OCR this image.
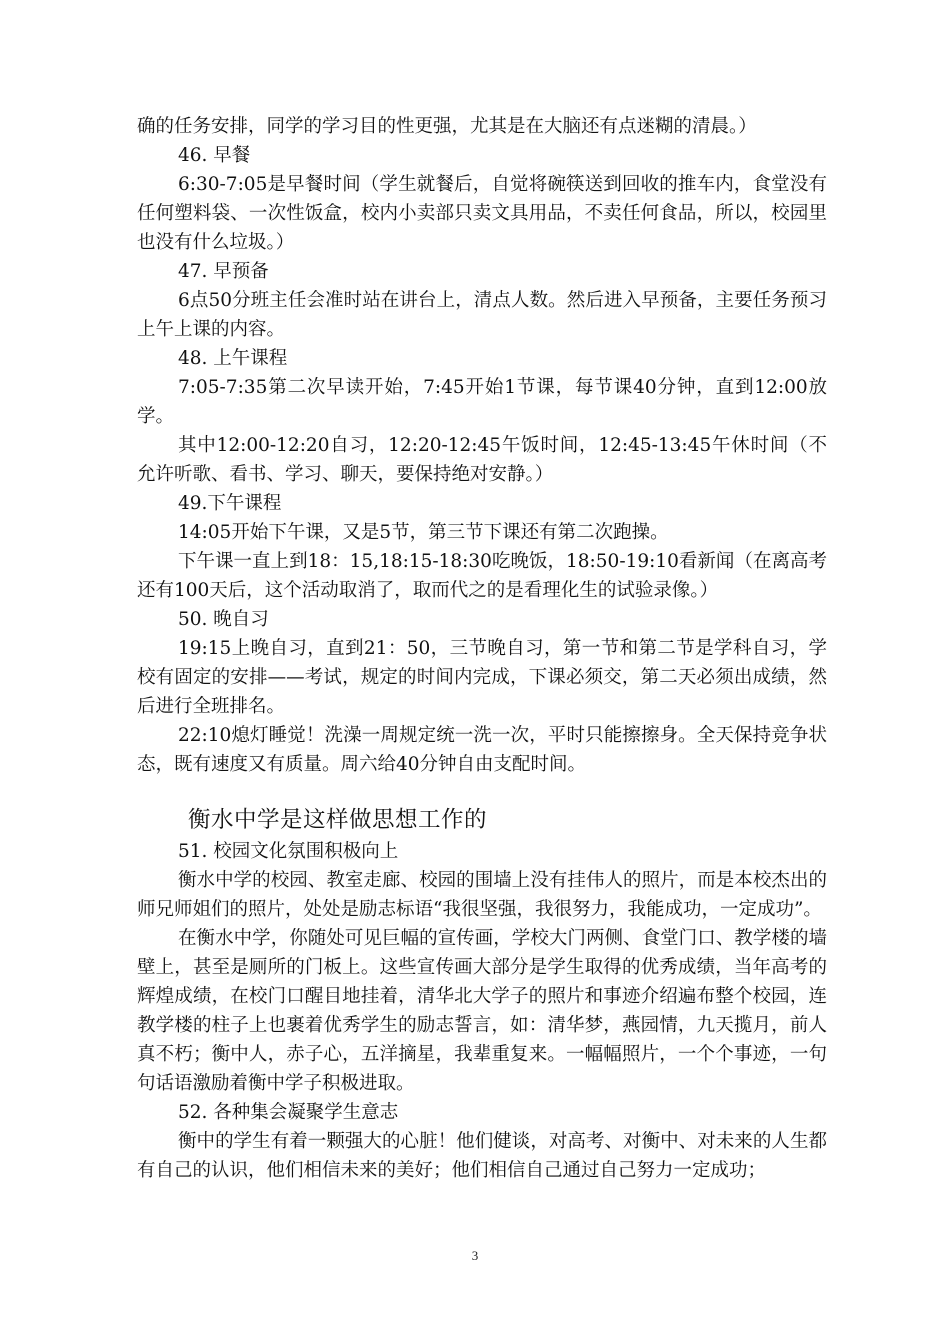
确的任务安排，同学的学习目的性更强，尤其是在大脑还有点迷糊的清晨。）

46. 早餐

6:30-7:05是早餐时间（学生就餐后，自觉将碗筷送到回收的推车内，食堂没有任何塑料袋、一次性饭盒，校内小卖部只卖文具用品，不卖任何食品，所以，校园里也没有什么垃圾。）

47. 早预备

6点50分班主任会准时站在讲台上，清点人数。然后进入早预备，主要任务预习上午上课的内容。

48. 上午课程

7:05-7:35第二次早读开始，7:45开始1节课，每节课40分钟，直到12:00放学。

其中12:00-12:20自习，12:20-12:45午饭时间，12:45-13:45午休时间（不允许听歌、看书、学习、聊天，要保持绝对安静。）

49.下午课程

14:05开始下午课，又是5节，第三节下课还有第二次跑操。

下午课一直上到18：15,18:15-18:30吃晚饭，18:50-19:10看新闻（在离高考还有100天后，这个活动取消了，取而代之的是看理化生的试验录像。）

50. 晚自习

19:15上晚自习，直到21：50，三节晚自习，第一节和第二节是学科自习，学校有固定的安排——考试，规定的时间内完成，下课必须交，第二天必须出成绩，然后进行全班排名。

22:10熄灯睡觉！洗澡一周规定统一洗一次，平时只能擦擦身。全天保持竞争状态，既有速度又有质量。周六给40分钟自由支配时间。

衡水中学是这样做思想工作的

51. 校园文化氛围积极向上

衡水中学的校园、教室走廊、校园的围墙上没有挂伟人的照片，而是本校杰出的师兄师姐们的照片，处处是励志标语“我很坚强，我很努力，我能成功，一定成功”。

在衡水中学，你随处可见巨幅的宣传画，学校大门两侧、食堂门口、教学楼的墙壁上，甚至是厕所的门板上。这些宣传画大部分是学生取得的优秀成绩，当年高考的辉煌成绩，在校门口醒目地挂着，清华北大学子的照片和事迹介绍遍布整个校园，连教学楼的柱子上也裹着优秀学生的励志誓言，如：清华梦，燕园情，九天揽月，前人真不朽；衡中人，赤子心，五洋摘星，我辈重复来。一幅幅照片，一个个事迹，一句句话语激励着衡中学子积极进取。

52. 各种集会凝聚学生意志

衡中的学生有着一颗强大的心脏！他们健谈，对高考、对衡中、对未来的人生都有自己的认识，他们相信未来的美好；他们相信自己通过自己努力一定成功；

3
